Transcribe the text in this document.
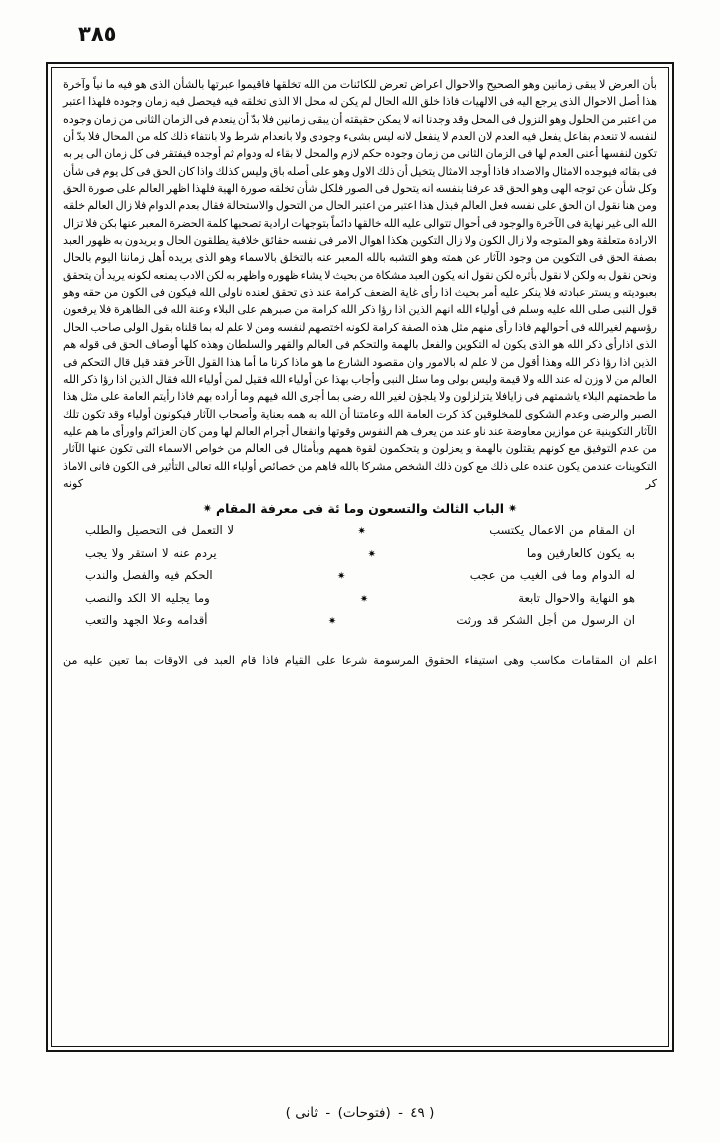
٣٨٥

بأن العرض لا يبقى زمانين وهو الصحيح والاحوال اعراض تعرض للكائنات من الله تخلقها فاقيموا عبرتها بالشأن الذى هو فيه ما نياً وآخرة هذا أصل الاحوال الذى يرجع اليه فى الالهيات فاذا خلق الله الحال لم يكن له محل الا الذى تخلقه فيه فيحصل فيه زمان وجوده فلهذا اعتبر من اعتبر من الحلول وهو النزول فى المحل وقد وجدنا انه لا يمكن حقيقته أن يبقى زمانين فلا بدّ أن ينعدم فى الزمان الثانى من زمان وجوده لنفسه لا تنعدم بفاعل يفعل فيه العدم لان العدم لا ينفعل لانه ليس بشىء وجودى ولا بانعدام شرط ولا بانتفاء ذلك كله من المحال فلا بدّ أن تكون لنفسها أعنى العدم لها فى الزمان الثانى من زمان وجوده حكم لازم والمحل لا بقاء له ودوام ثم أوجده فيفتقر فى كل زمان الى ير به فى بقائه فيوجده الامثال والاضداد فاذا أوجد الامثال يتخيل أن ذلك الاول وهو على أصله باق وليس كذلك واذا كان الحق فى كل يوم فى شأن وكل شأن عن توجه الهى وهو الحق قد عرفنا بنفسه انه يتحول فى الصور فلكل شأن تخلقه صورة الهية فلهذا اظهر العالم على صورة الحق ومن هنا نقول ان الحق على نفسه فعل العالم فبذل هذا اعتبر من اعتبر الحال من التحول والاستحالة فقال بعدم الدوام فلا زال العالم خلقه الله الى غير نهاية فى الآخرة والوجود فى أحوال تتوالى عليه الله خالقها دائماً بتوجهات ارادية تصحبها كلمة الحضرة المعبر عنها بكن فلا تزال الارادة متعلقة وهو المتوجه ولا زال الكون ولا زال التكوين هكذا اهوال الامر فى نفسه حقائق خلافية يطلقون الحال و يريدون به ظهور العبد بصفة الحق فى التكوين من وجود الآثار عن همته وهو التشبه بالله المعبر عنه بالتخلق بالاسماء وهو الذى يريده أهل زماننا اليوم بالحال ونحن نقول به ولكن لا نقول بأثره لكن نقول انه يكون العبد مشكاة من بحيث لا يشاء ظهوره واظهر به لكن الادب يمنعه لكونه يريد أن يتحقق بعبوديته و يستر عبادته فلا ينكر عليه أمر بحيث اذا رأى غاية الضعف كرامة عند ذى تحقق لعنده ناولى الله فيكون فى الكون من حقه وهو قول النبى صلى الله عليه وسلم فى أولياء الله انهم الذين اذا رؤا ذكر الله كرامة من صبرهم على البلاء وعنة الله فى الظاهرة فلا يرفعون رؤسهم لغيرالله فى أحوالهم فاذا رأى منهم مثل هذه الصفة كرامة لكونه اختصهم لنفسه ومن لا علم له بما قلناه بقول الولى صاحب الحال الذى اذارأى ذكر الله هو الذى يكون له التكوين والفعل بالهمة والتحكم فى العالم والقهر والسلطان وهذه كلها أوصاف الحق فى قوله هم الذين اذا رؤا ذكر الله وهذا أقول من لا علم له بالامور وان مقصود الشارع ما هو ماذا كرنا ما أما هذا القول الآخر فقد قيل قال التحكم فى العالم من لا وزن له عند الله ولا قيمة وليس بولى وما سئل النبى وأجاب بهذا عن أولياء الله فقيل لمن أولياء الله فقال الذين اذا رؤا ذكر الله ما طحمتهم البلاء ياشمتهم فى زايافلا يتزلزلون ولا يلجؤن لغير الله رضى بما أجرى الله فيهم وما أراده بهم فاذا رأيتم العامة على مثل هذا الصبر والرضى وعدم الشكوى للمخلوقين كذ كرت العامة الله وعامتنا أن الله به همه بعناية وأصحاب الآثار فيكونون أولياء وقد تكون تلك الآثار التكوينية عن موازين معاوضة عند ناو عند من يعرف هم النفوس وقوتها وانفعال أجرام العالم لها ومن كان العزائم واورأى ما هم عليه من عدم التوفيق مع كونهم يقتلون بالهمة و يعزلون و يتحكمون لقوة همهم وبأمثال فى العالم من خواص الاسماء التى تكون عنها الآثار التكوينات عندمن يكون عنده على ذلك مع كون ذلك الشخص مشركا بالله فاهم من خصائص أولياء الله تعالى التأثير فى الكون فانى الاماذ كر كونه

✷الباب الثالث والتسعون وما ئة فى معرفة المقام✷
ان المقام من الاعمال يكتسب
✷
لا التعمل فى التحصيل والطلب
به يكون كالعارفين وما
✷
يردم عنه لا استقر ولا يجب
له الدوام وما فى الغيب من عجب
✷
الحكم فيه والفصل والندب
هو النهاية والاحوال تابعة
✷
وما يجليه الا الكد والنصب
ان الرسول من أجل الشكر قد ورثت
✷
أقدامه وعلا الجهد والتعب

اعلم ان المقامات مكاسب وهى استيفاء الحقوق المرسومة شرعا على القيام فاذا قام العبد فى الاوقات بما تعين عليه من

( ٤٩ - (فتوحات) - ثانى )
